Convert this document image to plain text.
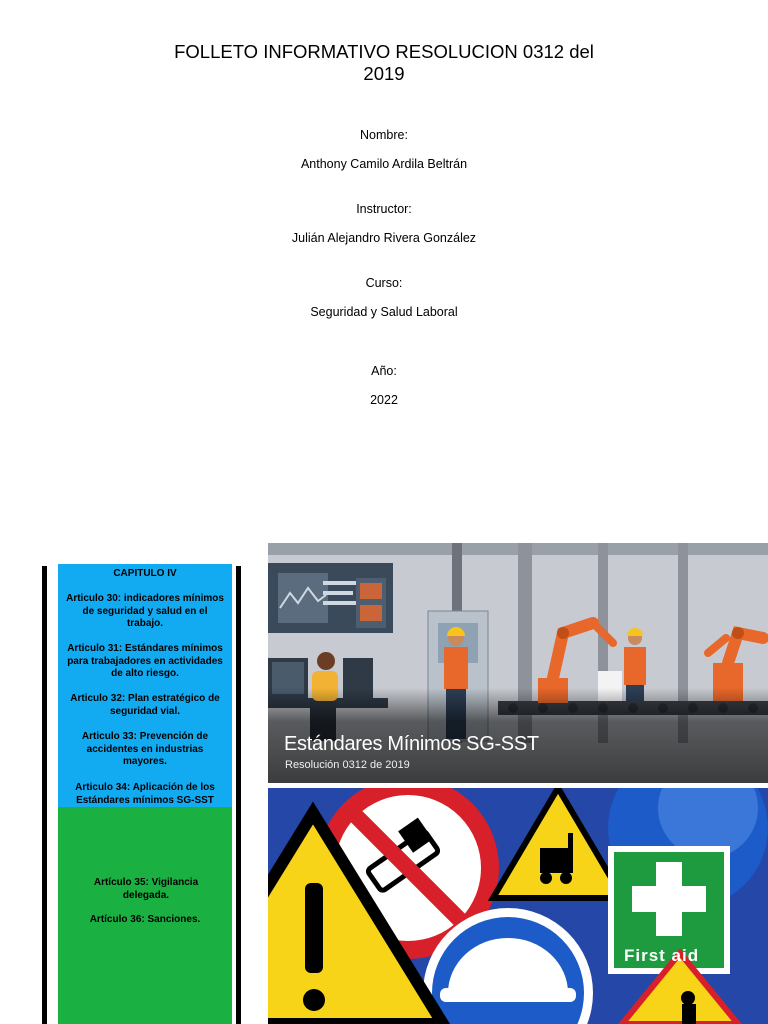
FOLLETO INFORMATIVO RESOLUCION 0312 del 2019
Nombre:
Anthony Camilo Ardila Beltrán
Instructor:
Julián Alejandro Rivera González
Curso:
Seguridad y Salud Laboral
Año:
2022
CAPITULO IV
Articulo 30: indicadores mínimos de seguridad y salud en el trabajo.
Articulo 31: Estándares mínimos para trabajadores en actividades de alto riesgo.
Articulo 32: Plan estratégico de seguridad vial.
Articulo 33: Prevención de accidentes en industrias mayores.
Articulo 34: Aplicación de los Estándares mínimos SG-SST
Artículo 35: Vigilancia delegada.
Artículo 36: Sanciones.
Estándares Mínimos SG-SST
Resolución 0312 de 2019
First aid
